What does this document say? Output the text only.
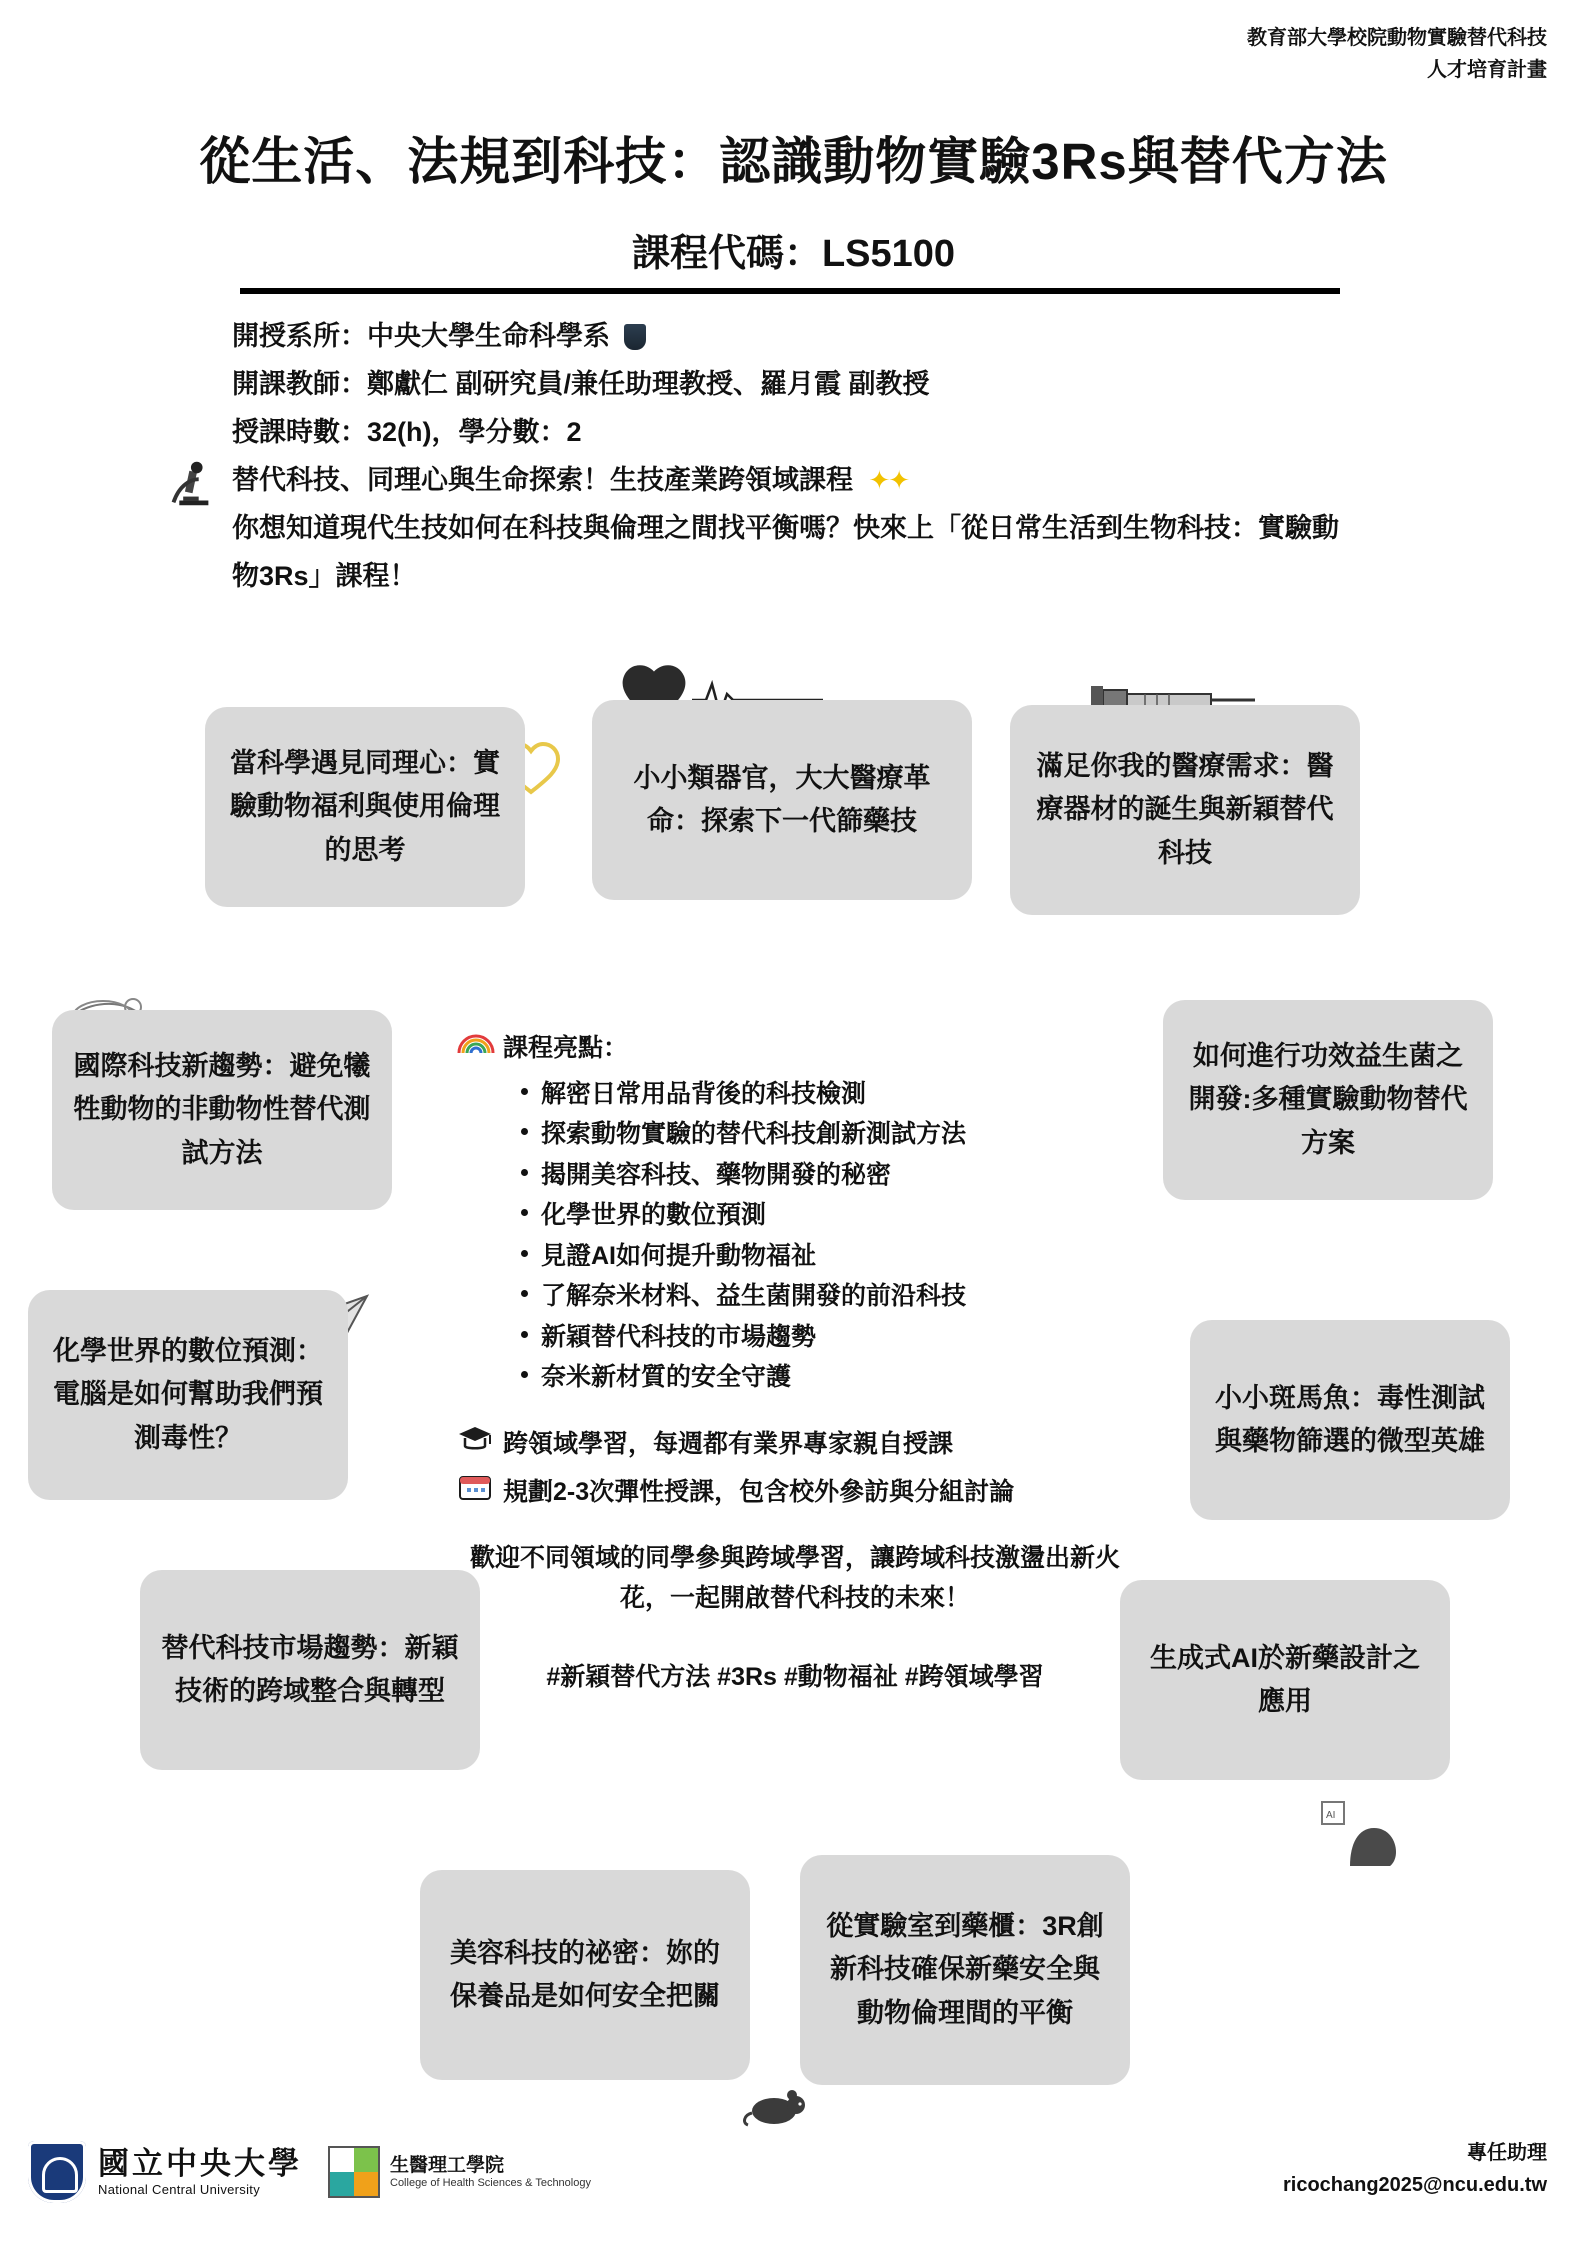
教育部大學校院動物實驗替代科技
人才培育計畫
從生活、法規到科技：認識動物實驗3Rs與替代方法
課程代碼：LS5100
開授系所：中央大學生命科學系
開課教師：鄭獻仁 副研究員/兼任助理教授、羅月霞 副教授
授課時數：32(h)，學分數：2
替代科技、同理心與生命探索！生技產業跨領域課程 ✦✦
你想知道現代生技如何在科技與倫理之間找平衡嗎？快來上「從日常生活到生物科技：實驗動物3Rs」課程！
AI
當科學遇見同理心：實驗動物福利與使用倫理的思考
小小類器官，大大醫療革命：探索下一代篩藥技
滿足你我的醫療需求：醫療器材的誕生與新穎替代科技
國際科技新趨勢：避免犧牲動物的非動物性替代測試方法
如何進行功效益生菌之開發:多種實驗動物替代方案
化學世界的數位預測：電腦是如何幫助我們預測毒性？
小小斑馬魚：毒性測試與藥物篩選的微型英雄
替代科技市場趨勢：新穎技術的跨域整合與轉型
生成式AI於新藥設計之應用
美容科技的祕密：妳的保養品是如何安全把關
從實驗室到藥櫃：3R創新科技確保新藥安全與動物倫理間的平衡
課程亮點：
解密日常用品背後的科技檢測
探索動物實驗的替代科技創新測試方法
揭開美容科技、藥物開發的秘密
化學世界的數位預測
見證AI如何提升動物福祉
了解奈米材料、益生菌開發的前沿科技
新穎替代科技的市場趨勢
奈米新材質的安全守護
跨領域學習，每週都有業界專家親自授課
規劃2-3次彈性授課，包含校外參訪與分組討論
歡迎不同領域的同學參與跨域學習，讓跨域科技激盪出新火花，一起開啟替代科技的未來！
#新穎替代方法 #3Rs #動物福祉 #跨領域學習
國立中央大學
National Central University
生醫理工學院
College of Health Sciences & Technology
專任助理
ricochang2025@ncu.edu.tw
